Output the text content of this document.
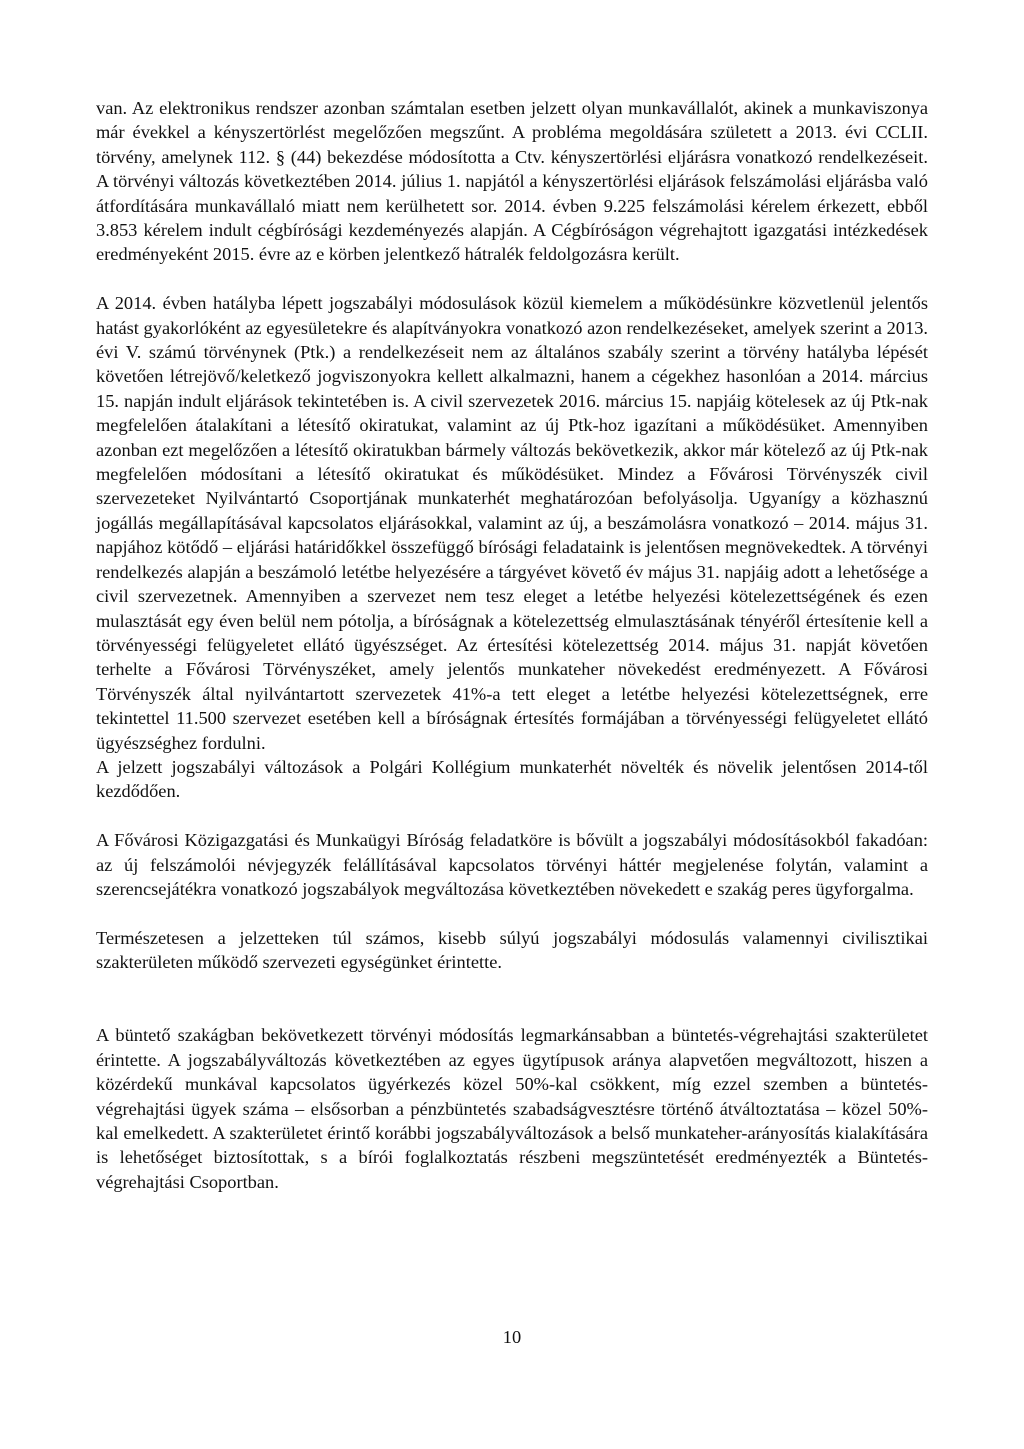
van. Az elektronikus rendszer azonban számtalan esetben jelzett olyan munkavállalót, akinek a munkaviszonya már évekkel a kényszertörlést megelőzően megszűnt. A probléma megoldására született a 2013. évi CCLII. törvény, amelynek 112. § (44) bekezdése módosította a Ctv. kényszertörlési eljárásra vonatkozó rendelkezéseit. A törvényi változás következtében 2014. július 1. napjától a kényszertörlési eljárások felszámolási eljárásba való átfordítására munkavállaló miatt nem kerülhetett sor. 2014. évben 9.225 felszámolási kérelem érkezett, ebből 3.853 kérelem indult cégbírósági kezdeményezés alapján. A Cégbíróságon végrehajtott igazgatási intézkedések eredményeként 2015. évre az e körben jelentkező hátralék feldolgozásra került.

A 2014. évben hatályba lépett jogszabályi módosulások közül kiemelem a működésünkre közvetlenül jelentős hatást gyakorlóként az egyesületekre és alapítványokra vonatkozó azon rendelkezéseket, amelyek szerint a 2013. évi V. számú törvénynek (Ptk.) a rendelkezéseit nem az általános szabály szerint a törvény hatályba lépését követően létrejövő/keletkező jogviszonyokra kellett alkalmazni, hanem a cégekhez hasonlóan a 2014. március 15. napján indult eljárások tekintetében is. A civil szervezetek 2016. március 15. napjáig kötelesek az új Ptk-nak megfelelően átalakítani a létesítő okiratukat, valamint az új Ptk-hoz igazítani a működésüket. Amennyiben azonban ezt megelőzően a létesítő okiratukban bármely változás bekövetkezik, akkor már kötelező az új Ptk-nak megfelelően módosítani a létesítő okiratukat és működésüket. Mindez a Fővárosi Törvényszék civil szervezeteket Nyilvántartó Csoportjának munkaterhét meghatározóan befolyásolja. Ugyanígy a közhasznú jogállás megállapításával kapcsolatos eljárásokkal, valamint az új, a beszámolásra vonatkozó – 2014. május 31. napjához kötődő – eljárási határidőkkel összefüggő bírósági feladataink is jelentősen megnövekedtek. A törvényi rendelkezés alapján a beszámoló letétbe helyezésére a tárgyévet követő év május 31. napjáig adott a lehetősége a civil szervezetnek. Amennyiben a szervezet nem tesz eleget a letétbe helyezési kötelezettségének és ezen mulasztását egy éven belül nem pótolja, a bíróságnak a kötelezettség elmulasztásának tényéről értesítenie kell a törvényességi felügyeletet ellátó ügyészséget. Az értesítési kötelezettség 2014. május 31. napját követően terhelte a Fővárosi Törvényszéket, amely jelentős munkateher növekedést eredményezett. A Fővárosi Törvényszék által nyilvántartott szervezetek 41%-a tett eleget a letétbe helyezési kötelezettségnek, erre tekintettel 11.500 szervezet esetében kell a bíróságnak értesítés formájában a törvényességi felügyeletet ellátó ügyészséghez fordulni.

A jelzett jogszabályi változások a Polgári Kollégium munkaterhét növelték és növelik jelentősen 2014-től kezdődően.

A Fővárosi Közigazgatási és Munkaügyi Bíróság feladatköre is bővült a jogszabályi módosításokból fakadóan: az új felszámolói névjegyzék felállításával kapcsolatos törvényi háttér megjelenése folytán, valamint a szerencsejátékra vonatkozó jogszabályok megváltozása következtében növekedett e szakág peres ügyforgalma.

Természetesen a jelzetteken túl számos, kisebb súlyú jogszabályi módosulás valamennyi civilisztikai szakterületen működő szervezeti egységünket érintette.

A büntető szakágban bekövetkezett törvényi módosítás legmarkánsabban a büntetés-végrehajtási szakterületet érintette. A jogszabályváltozás következtében az egyes ügytípusok aránya alapvetően megváltozott, hiszen a közérdekű munkával kapcsolatos ügyérkezés közel 50%-kal csökkent, míg ezzel szemben a büntetés-végrehajtási ügyek száma – elsősorban a pénzbüntetés szabadságvesztésre történő átváltoztatása – közel 50%-kal emelkedett. A szakterületet érintő korábbi jogszabályváltozások a belső munkateher-arányosítás kialakítására is lehetőséget biztosítottak, s a bírói foglalkoztatás részbeni megszüntetését eredményezték a Büntetés-végrehajtási Csoportban.

10
